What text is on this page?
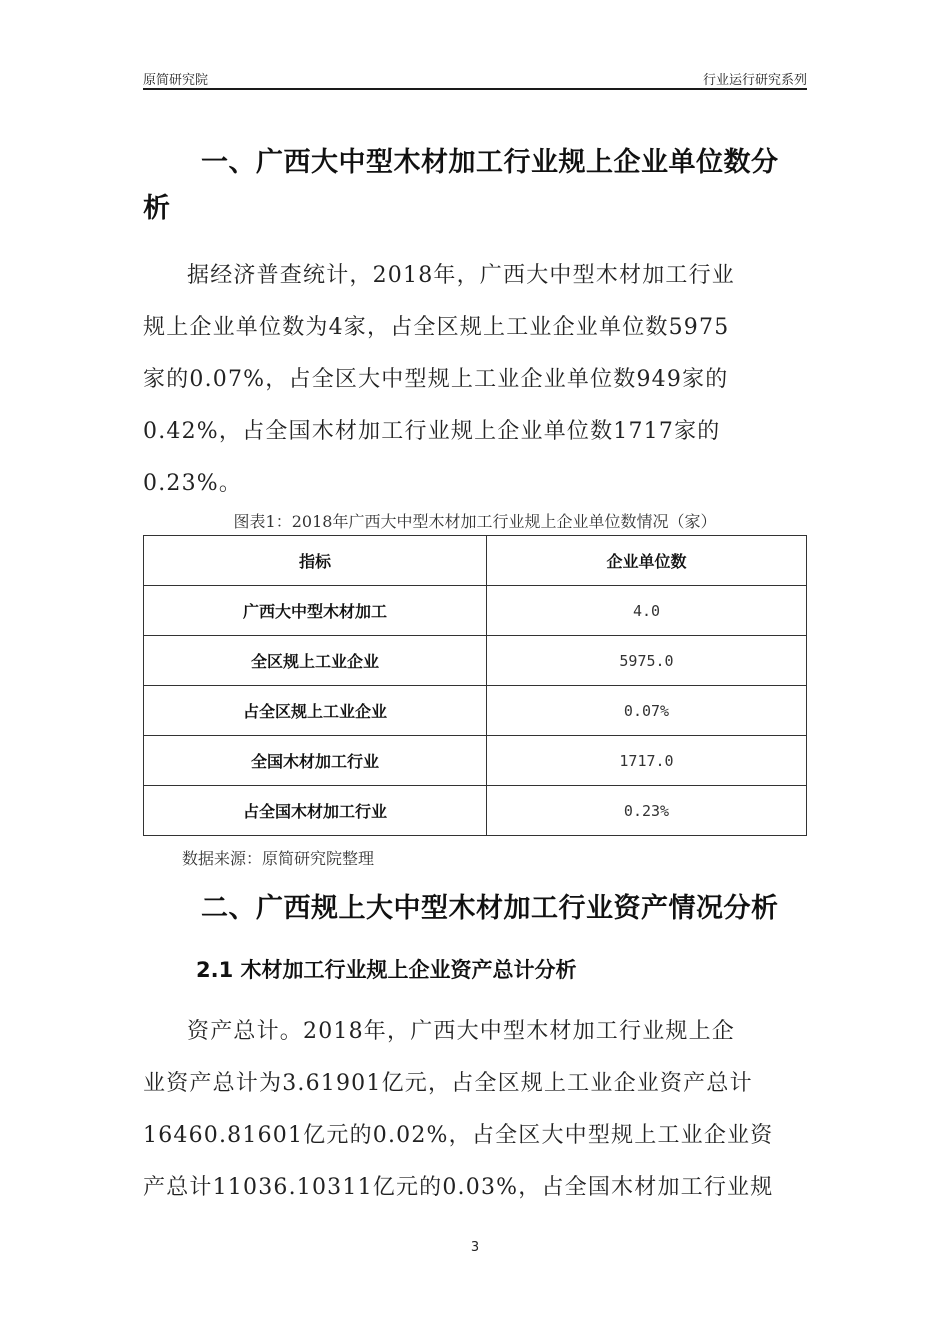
原简研究院	行业运行研究系列
一、广西大中型木材加工行业规上企业单位数分
析
据经济普查统计，2018年，广西大中型木材加工行业
规上企业单位数为4家，占全区规上工业企业单位数5975
家的0.07%，占全区大中型规上工业企业单位数949家的
0.42%，占全国木材加工行业规上企业单位数1717家的
0.23%。
图表1：2018年广西大中型木材加工行业规上企业单位数情况（家）
指标	企业单位数
广西大中型木材加工	4.0
全区规上工业企业	5975.0
占全区规上工业企业	0.07%
全国木材加工行业	1717.0
占全国木材加工行业	0.23%
数据来源：原简研究院整理
二、广西规上大中型木材加工行业资产情况分析
2.1 木材加工行业规上企业资产总计分析
资产总计。2018年，广西大中型木材加工行业规上企
业资产总计为3.61901亿元，占全区规上工业企业资产总计
16460.81601亿元的0.02%，占全区大中型规上工业企业资
产总计11036.10311亿元的0.03%，占全国木材加工行业规
3
